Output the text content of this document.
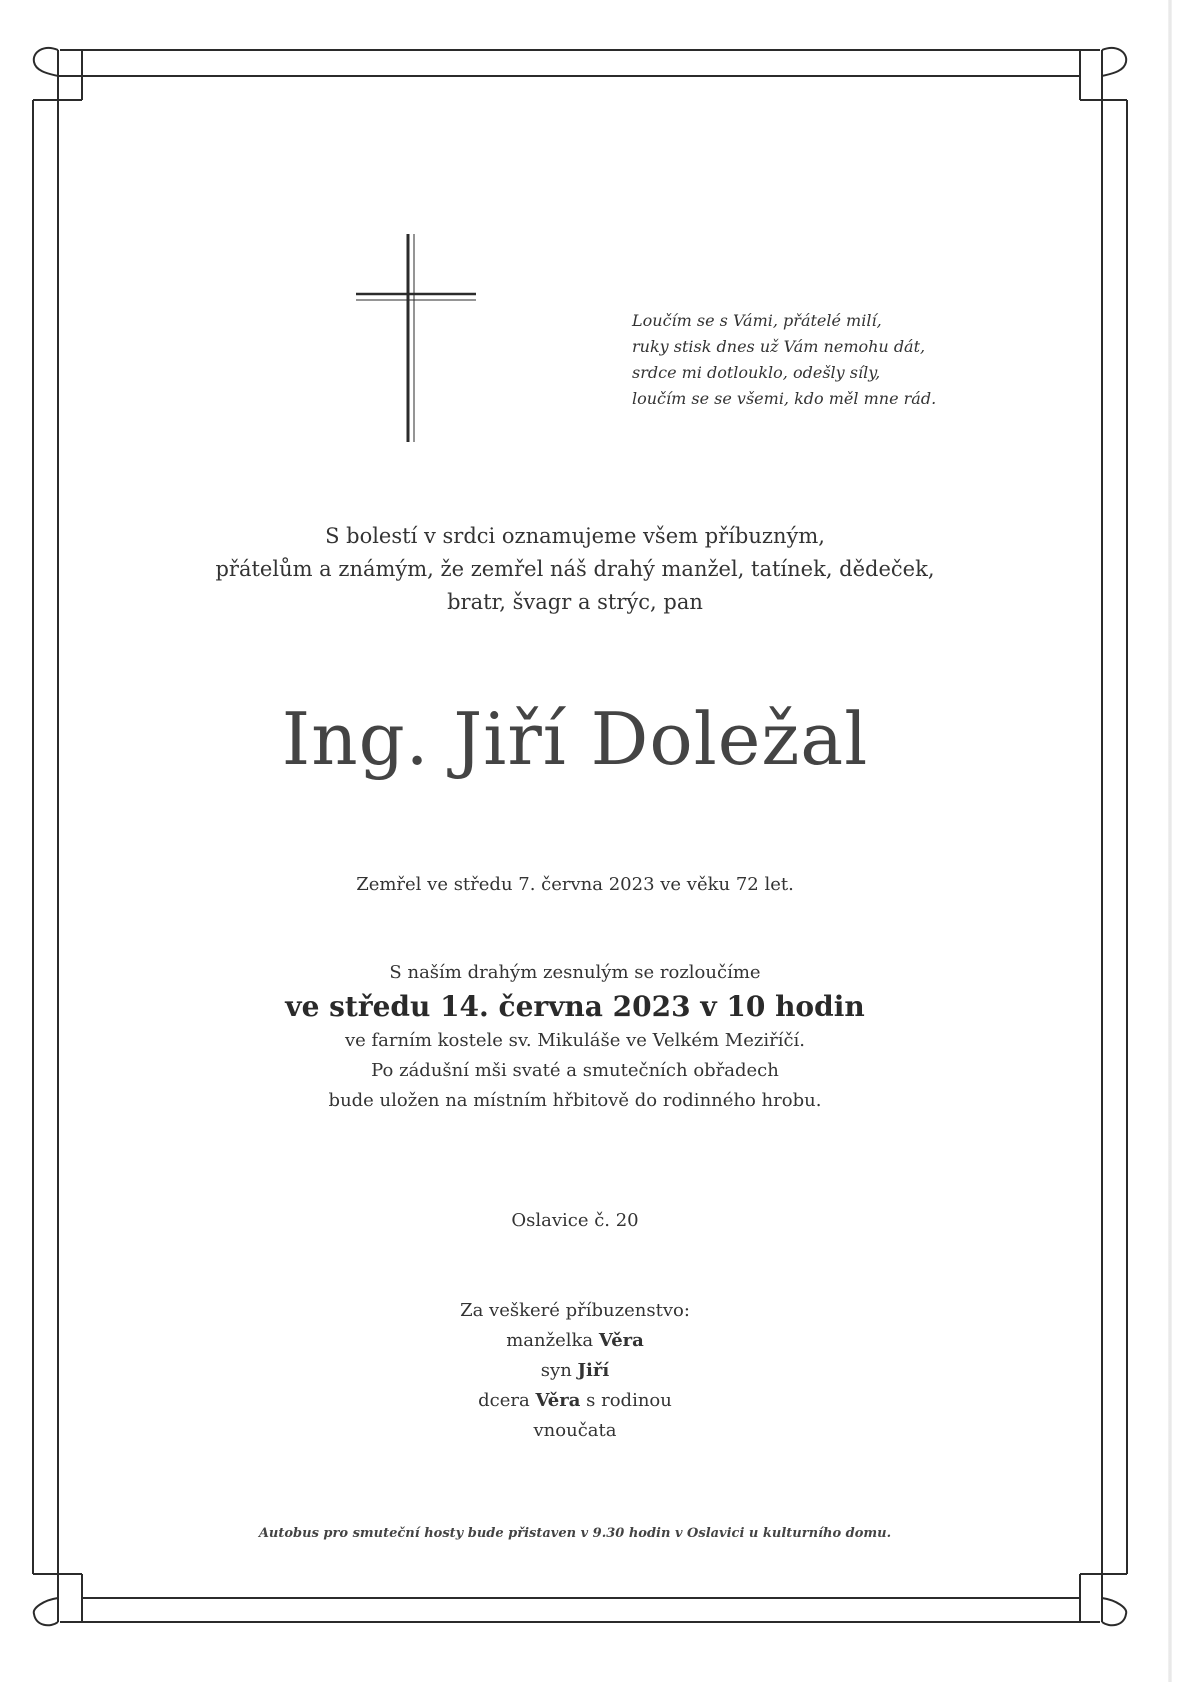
Loučím se s Vámi, přátelé milí,
ruky stisk dnes už Vám nemohu dát,
srdce mi dotlouklo, odešly síly,
loučím se se všemi, kdo měl mne rád.
S bolestí v srdci oznamujeme všem příbuzným,
přátelům a známým, že zemřel náš drahý manžel, tatínek, dědeček,
bratr, švagr a strýc, pan
Ing. Jiří Doležal
Zemřel ve středu 7. června 2023 ve věku 72 let.
S naším drahým zesnulým se rozloučíme
ve středu 14. června 2023 v 10 hodin
ve farním kostele sv. Mikuláše ve Velkém Meziříčí.
Po zádušní mši svaté a smutečních obřadech
bude uložen na místním hřbitově do rodinného hrobu.
Oslavice č. 20
Za veškeré příbuzenstvo:
manželka Věra
syn Jiří
dcera Věra s rodinou
vnoučata
Autobus pro smuteční hosty bude přistaven v 9.30 hodin v Oslavici u kulturního domu.
